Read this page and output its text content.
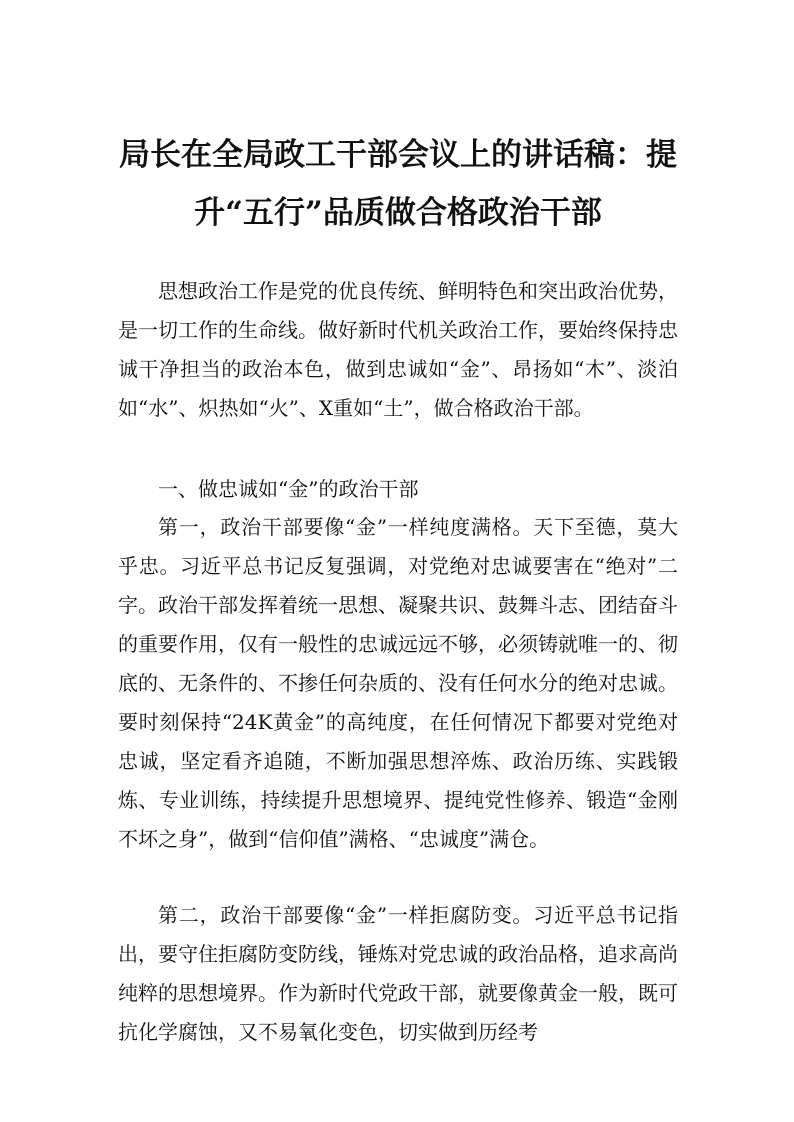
局长在全局政工干部会议上的讲话稿：提
升“五行”品质做合格政治干部

思想政治工作是党的优良传统、鲜明特色和突出政治优势，是一切工作的生命线。做好新时代机关政治工作，要始终保持忠诚干净担当的政治本色，做到忠诚如“金”、昂扬如“木”、淡泊如“水”、炽热如“火”、X重如“土”，做合格政治干部。

一、做忠诚如“金”的政治干部

第一，政治干部要像“金”一样纯度满格。天下至德，莫大乎忠。习近平总书记反复强调，对党绝对忠诚要害在“绝对”二字。政治干部发挥着统一思想、凝聚共识、鼓舞斗志、团结奋斗的重要作用，仅有一般性的忠诚远远不够，必须铸就唯一的、彻底的、无条件的、不掺任何杂质的、没有任何水分的绝对忠诚。要时刻保持“24K黄金”的高纯度，在任何情况下都要对党绝对忠诚，坚定看齐追随，不断加强思想淬炼、政治历练、实践锻炼、专业训练，持续提升思想境界、提纯党性修养、锻造“金刚不坏之身”，做到“信仰值”满格、“忠诚度”满仓。

第二，政治干部要像“金”一样拒腐防变。习近平总书记指出，要守住拒腐防变防线，锤炼对党忠诚的政治品格，追求高尚纯粹的思想境界。作为新时代党政干部，就要像黄金一般，既可抗化学腐蚀，又不易氧化变色，切实做到历经考
